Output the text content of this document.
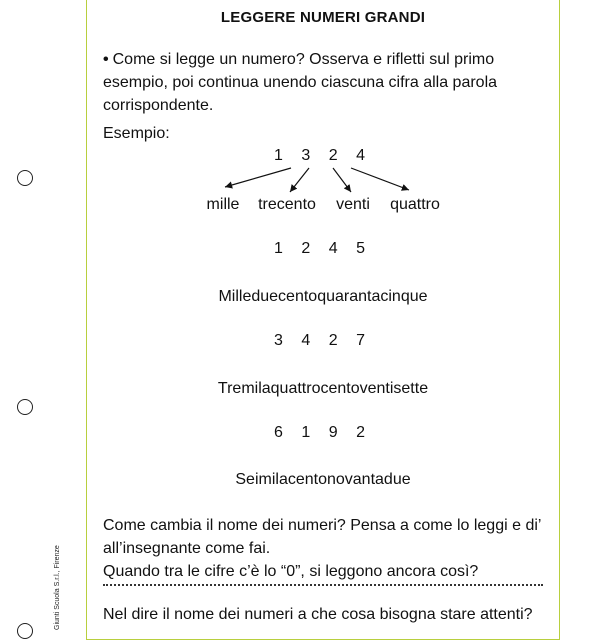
Giunti Scuola S.r.l., Firenze
LEGGERE NUMERI GRANDI
• Come si legge un numero? Osserva e rifletti sul primo esempio, poi continua unendo ciascuna cifra alla parola corrispondente.
Esempio:
1 3 2 4
mille trecento venti quattro
1 2 4 5
Milleduecentoquarantacinque
3 4 2 7
Tremilaquattrocentoventisette
6 1 9 2
Seimilacentonovantadue
Come cambia il nome dei numeri? Pensa a come lo leggi e di’ all’insegnante come fai.
Quando tra le cifre c’è lo “0”, si leggono ancora così?
Nel dire il nome dei numeri a che cosa bisogna stare attenti?
